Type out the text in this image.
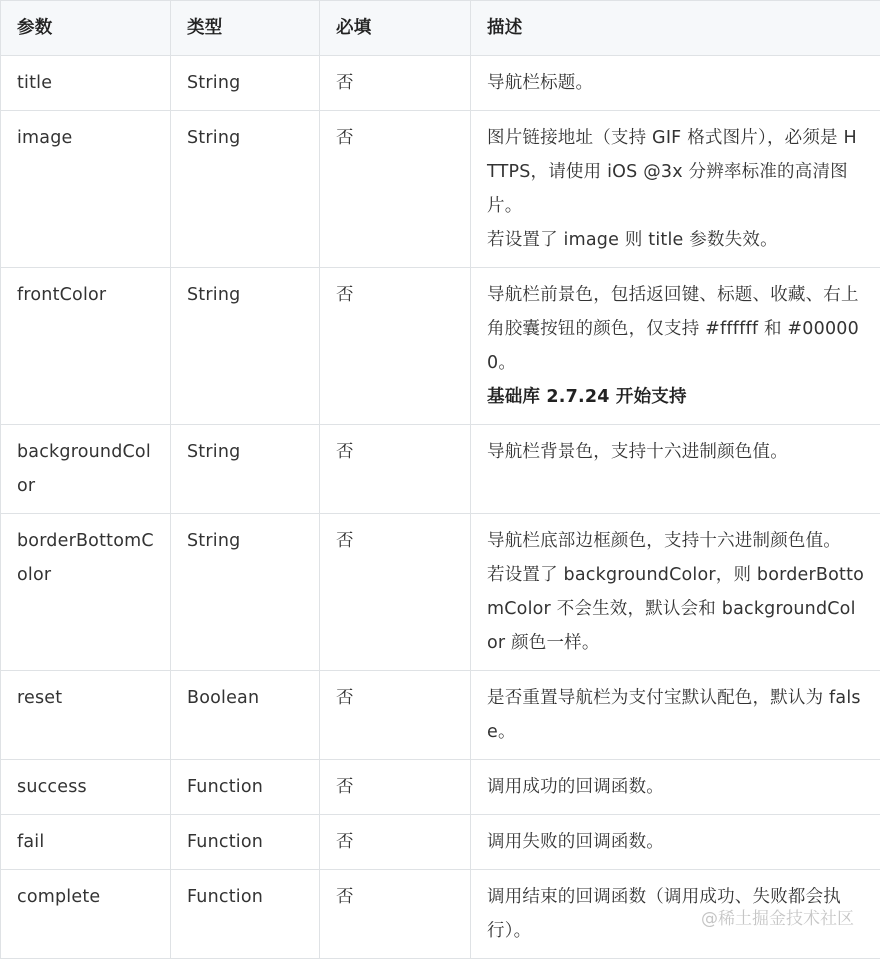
参数	类型	必填	描述
title	String	否	导航栏标题。

image	String	否	图片链接地址（支持 GIF 格式图片），必须是 HTTPS，请使用 iOS @3x 分辨率标准的高清图片。
若设置了 image 则 title 参数失效。

frontColor	String	否	导航栏前景色，包括返回键、标题、收藏、右上角胶囊按钮的颜色，仅支持 #ffffff 和 #000000。
基础库 2.7.24 开始支持

backgroundColor	String	否	导航栏背景色，支持十六进制颜色值。

borderBottomColor	String	否	导航栏底部边框颜色，支持十六进制颜色值。
若设置了 backgroundColor，则 borderBottomColor 不会生效，默认会和 backgroundColor 颜色一样。

reset	Boolean	否	是否重置导航栏为支付宝默认配色，默认为 false。

success	Function	否	调用成功的回调函数。

fail	Function	否	调用失败的回调函数。

complete	Function	否	调用结束的回调函数（调用成功、失败都会执行）。
@稀土掘金技术社区
